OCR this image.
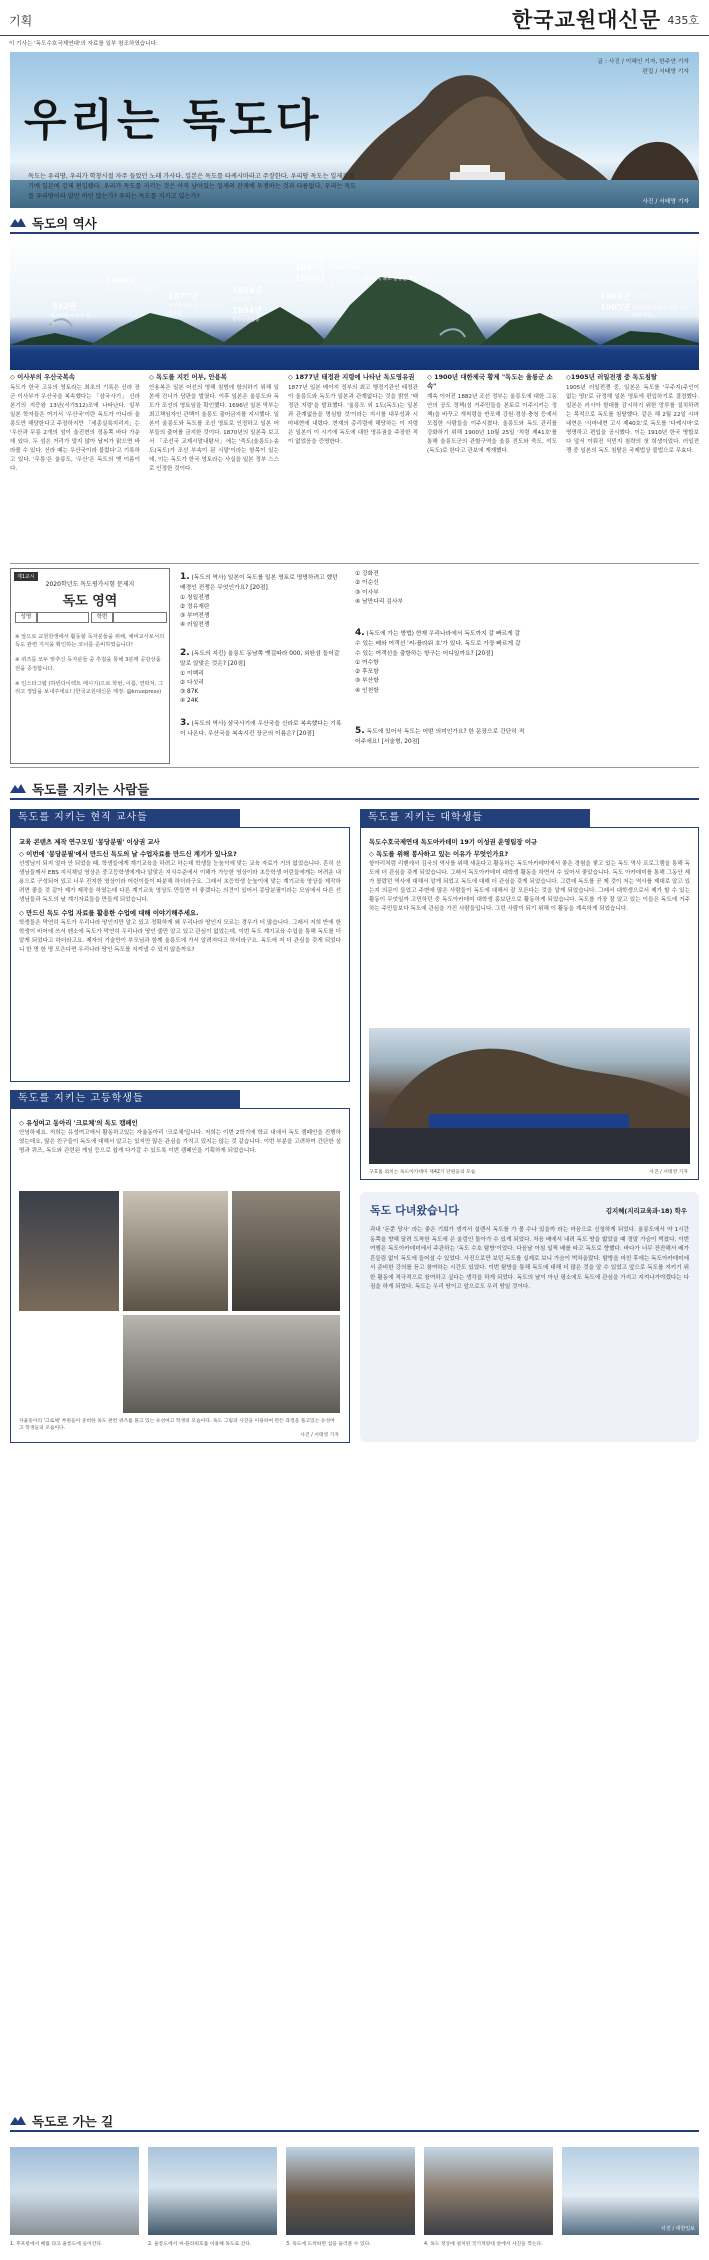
기획	한국교원대신문 435호
이 기사는 '독도수호국제연대'의 자료를 일부 참조하였습니다.
우리는 독도다
독도는 우리땅, 우리가 학창시절 자주 들었던 노래 가사다. 일본은 독도를 타케시마라고 주장한다. 우리땅 독도는 일제강점기에 일본에 강제 편입됐다. 우리가 독도를 지키는 것은 아직 남아있는 일제의 잔재에 투쟁하는 것과 다름없다. 우리는 독도를 우리땅이라 말만 하던 않는가? 우리는 독도를 지키고 있는가?
글 : 사진 / 이혜인 기자, 한주연 기자
편집 / 서태영 기자
사진 / 서태영 기자
독도의 역사
512년
이사부의 우산국 복속
1696년
독도를 지킨 어부 안용복
1877년
태정관 지령에 나타난 독도영유권
1894년
청일전쟁
1894년
동학농민운동
1896년 아관파천
1897년 대한제국 수립
1900년 대한제국 고종 제41호에 독도 울릉군 관할로 규정
1904년 러일전쟁
1905년 러일전쟁 중 독도 일본 시마네현 편입
◇ 이사부의 우산국복속

독도가 한국 고유의 영토라는 최초의 기록은 신라 장군 이사부가 우산국을 복속했다는 「삼국사기」 신라본기의 지증왕 13년(서기512)조에 나타난다. 일부 일본 학자들은 여기서 '우산국'이란 독도가 아니라 울릉도만 해당한다고 주장하지만 「세종실록지리지」는 '우산과 무릉 2개의 섬이 울진현의 정동쪽 바다 가운데 있다. 두 섬은 거리가 멀지 않아 날씨가 맑으면 바라볼 수 있다. 신라 때는 우산국이라 불렀다'고 기록하고 있다. '무릉'은 울릉도, '우산'은 독도의 옛 이름이다.

◇ 독도를 지킨 어부, 안용복

안용복은 일본 어선의 영해 침범에 항의하기 위해 일본에 건너가 담판을 벌였다. 이후 일본은 울릉도와 독도가 조선의 영토임을 확인했다. 1696년 일본 막부는 최고책임자인 관백이 울릉도 출어금지를 지시했다. 일본이 울릉도와 독도를 조선 영토로 인정하고 일본 어부들의 출어를 금지한 것이다. 1870년의 일본측 보고서 「조선국 교제시말내탐서」에는 '죽도(울릉도)·송도(독도)가 조선 부속이 된 시말'이라는 항목이 있는데, 이는 독도가 한국 영토라는 사실을 일본 정부 스스로 인정한 것이다.

◇ 1877년 태정관 지령에 나타난 독도영유권

1877년 일본 메이지 정부의 최고 행정기관인 태정관이 울릉도와 독도가 일본과 관계없다는 것을 밝힌 '태정관 지령'을 발표했다. '울릉도 외 1도(독도)는 일본과 관계없음을 명심할 것'이라는 지시를 내무성과 시마네현에 내렸다. 현재의 총리령에 해당하는 이 지령은 일본이 이 시기에 독도에 대한 영유권을 주장한 적이 없었음을 증명한다.

◇ 1900년 대한제국 황제 "독도는 울릉군 소속"

계속 이어진 1882년 조선 정부는 울릉도에 대한 그동안의 공도 정책(섬 거주민들을 본토로 이주시키는 정책)을 바꾸고 개척령을 반포해 강원·경상·충청 등에서 모집한 사람들을 이주시켰다. 울릉도와 독도 관리를 강화하기 위해 1900년 10월 25일 '칙령 제41호'를 통해 울릉도군의 관할구역을 울릉 전도와 죽도, 석도(독도)로 한다고 관보에 게재했다.

◇1905년 러일전쟁 중 독도침탈

1905년 러일전쟁 중, 일본은 독도를 '무주지(주인이 없는 땅)'로 규정해 일본 영토에 편입하기로 결정했다. 일본은 러시아 함대를 감시하기 위한 망루를 설치하려는 목적으로 독도를 침탈했다. 같은 해 2월 22일 시마네현은 '시마네현 고시 제40호'로 독도를 '다케시마'로 명명하고 편입을 공시했다. 이는 1910년 한국 병합보다 앞서 이뤄진 식민지 침략의 첫 희생이었다. 러일전쟁 중 일본의 독도 침탈은 국제법상 불법으로 무효다.

제1교시
2020학년도 독도평가시험 문제지
독도 영역
성명	학번

※ 앞으로 교원한생에서 활동할 독자분들을 위해, 예비교사로서의 독도 관련 지식을 확인하는 코너를 준비하였습니다!

※ 퀴즈를 모두 맞추신 독자분들 중 추첨을 통해 3분께 공감상품권을 증정합니다.

※ 인스타그램 (하빈다이렉트 메시지)으로 학번, 이름, 연락처, 그리고 정답을 보내주세요! (한국교원대신문 계정: @knuepress)

1. (독도의 역사) 일본이 독도를 일본 영토로 명명하려고 했던 배경인 전쟁은 무엇인가요? [20점]
① 청일전쟁
② 정유재란
③ 부여전쟁
④ 러일전쟁
2. (독도의 지킨) 울릉도 동남쪽 뱃길따라 000, 외딴섬 들어갈 말로 알맞은 것은? [20점]
① 이백리
② 다섯리
③ 87K
④ 24K
3. (독도의 역사) 삼국사기에 우산국을 신라로 복속했다는 기록이 나온다. 우산국을 복속시킨 장군의 이름은? [20점]
① 강화전
② 이순신
③ 이사부
④ 남만다리 김사부
4. (독도에 가는 방법) 현재 우리나라에서 독도까지 갈 빠르게 갈 수 있는 배와 여객선 '씨-플라워 호'가 있다. 독도로 가장 빠르게 갈 수 있는 여객선을 출항하는 항구는 어디일까요? [20점]
① 여수항
② 후포항
③ 부산항
④ 인천항
5. 독도에 있어서 독도는 어떤 의미인가요? 한 문장으로 간단히 적어주세요! [서술형, 20점]
독도를 지키는 사람들
독도를 지키는 현직 교사들
교육 콘텐츠 제작 연구모임 '몽당분필' 이상권 교사
◇ 이번에 '몽당분필'에서 만드신 독도의 날 수업자료를 만드신 계기가 있나요?

선생님이 되지 얼마 안 되었을 때, 학생들에게 계기교육을 하려고 하는데 학생들 눈높이에 맞는 교육 자료가 거의 없었습니다. 흔히 선생님들께서 EBS 지식채널 영상은 중고등학생에게나 알맞은 지식수준에서 이해가 가능한 영상이라 초등학생 어린들에게는 어려운 내용으로 구성되어 있고 너무 진지한 영상이라 어린이들이 따분해 하더라구요. 그래서 초등학생 눈높이에 맞는 계기교육 영상을 제작하려면 좋을 것 같아 제가 제작을 하였는데 다른 계기교육 영상도 만들면 더 좋겠다는 의견이 있어서 몽당분필이라는 모임에서 다른 선생님들과 독도의 날 계기자료들을 만들게 되었습니다.

◇ 만드신 독도 수업 자료를 활용한 수업에 대해 이야기해주세요.

학생들은 막연히 독도가 우리나라 땅인지만 알고 있고 정확하게 왜 우리나라 땅인지 모르는 경우가 더 많습니다. 그래서 저희 반에 한 학생이 비어에 쓰서 펜소에 독도가 막연히 우리나라 땅인 줄만 알고 있고 관심이 없었는데, 이번 독도 계기교육 수업을 통해 독도를 더 알게 되었다고 하더라고요. 제자의 기술만이 부모님과 함께 울릉도에 가서 알려지다고 하더라구요. 독도에 저 더 관심을 갖게 되었다니 한 명 한 명 모은다면 우리나라 땅인 독도를 지켜낼 수 있지 않을까요?

독도를 지키는 고등학생들
◇ 유성여고 동아리 '크로체'의 독도 캠페인

안녕하세요. 저희는 유성여고에서 활동하고있는 자율동아리 '크로체'입니다. 저희는 이번 2학기에 학교 내에서 독도 캠페인을 진행하였는데요, 많은 친구들이 독도에 대해서 알고는 있지만 많은 관심을 가지고 있지는 않는 것 같습니다. 이번 부분을 고려하여 간단한 설명과 퀴즈, 독도와 관련된 게임 등으로 쉽게 다가갈 수 있도록 이번 캠페인을 기획하게 되었습니다.

자율동아리 '크로체' 부원들이 준비한 독도 관련 퀴즈를 풀고 있는 유성여고 학생의 모습이다. 독도 그림과 사진을 이용하여 만든 과정을 풀고있는 유성여고 학생들의 모습이다.
사진 / 서태영 기자
독도를 지키는 대학생들
독도수호국제연대 독도아카데미 19기 이성권 운영팀장 이규
◇ 독도를 위해 봉사하고 있는 이유가 무엇인가요?

항아리처럼 리벤에서 김국의 역사를 위해 세운다고 활동하는 독도아카데미에서 좋은 경험을 쌓고 있는 독도 역사 프로그램을 통해 독도에 더 관심을 갖게 되었습니다. 그래서 독도아카데미 대학생 활동을 하면서 수 있어서 좋았습니다. 독도 아카데미를 통해 그동안 제가 몰랐던 역사에 대해서 알게 되었고 독도에 대해 더 관심을 갖게 되었습니다. 그런데 독도를 곧 제 것이 저는 역사를 제대로 알고 있는지 의문이 들었고 주변에 많은 사람들이 독도에 대해서 잘 모른다는 것을 알게 되었습니다. 그래서 대학생으로서 제가 할 수 있는 활동이 무엇일까 고민하던 중 독도아카데미 대학생 홍보단으로 활동하게 되었습니다. 독도를 가장 잘 알고 있는 이들은 독도에 거주하는 주민들보다 독도에 관심을 가진 사람들입니다. 그런 사람이 되기 위해 이 활동을 계속하게 되었습니다.

구호를 외치는 독도아카데미 제42기 단원들의 모습	사진 / 서태영 기자
독도 다녀왔습니다	김지혜(지리교육과·18) 학우

과내 '돈쭌 당사' 라는 좋은 기회가 생겨서 설렌서 독도를 가 볼 수나 있을까 라는 마음으로 신청하게 되었다. 울릉도에서 약 1시간 동쪽을 향해 달려 도착한 독도에 은 울렁인 돌아가 수 있게 되었다. 처음 배에서 내려 독도 땅을 밟았을 때 정말 가슴이 벅찼다. 이번 여행은 독도아카데미에서 주관하는 '독도 수호 탐방'이었다. 다음날 아침 일찍 배를 타고 독도로 향했다. 바다가 너무 잔잔해서 배가 흔들림 없이 독도에 들어설 수 있었다. 사진으로만 보던 독도를 실제로 보니 가슴이 벅차올랐다. 탐방을 마친 후에는 독도아카데미에서 준비한 강의를 듣고 참여하는 시간도 있었다. 이번 탐방을 통해 독도에 대해 더 많은 것을 알 수 있었고 앞으로 독도를 지키기 위한 활동에 적극적으로 참여하고 싶다는 생각을 하게 되었다. 독도의 날이 아닌 평소에도 독도에 관심을 가지고 지켜나가야겠다는 다짐을 하게 되었다. 독도는 우리 땅이고 앞으로도 우리 땅일 것이다.

독도로 가는 길
사진 / 대한일보
1. 후포항에서 배를 타고 울릉도에 들어간다.	2. 울릉도에서 씨-플라워호를 이용해 독도로 간다.	3. 독도에 도착하면 섬을 둘러볼 수 있다.	4. 독도 정상에 설치된 국기게양대 앞에서 사진을 찍는다.
